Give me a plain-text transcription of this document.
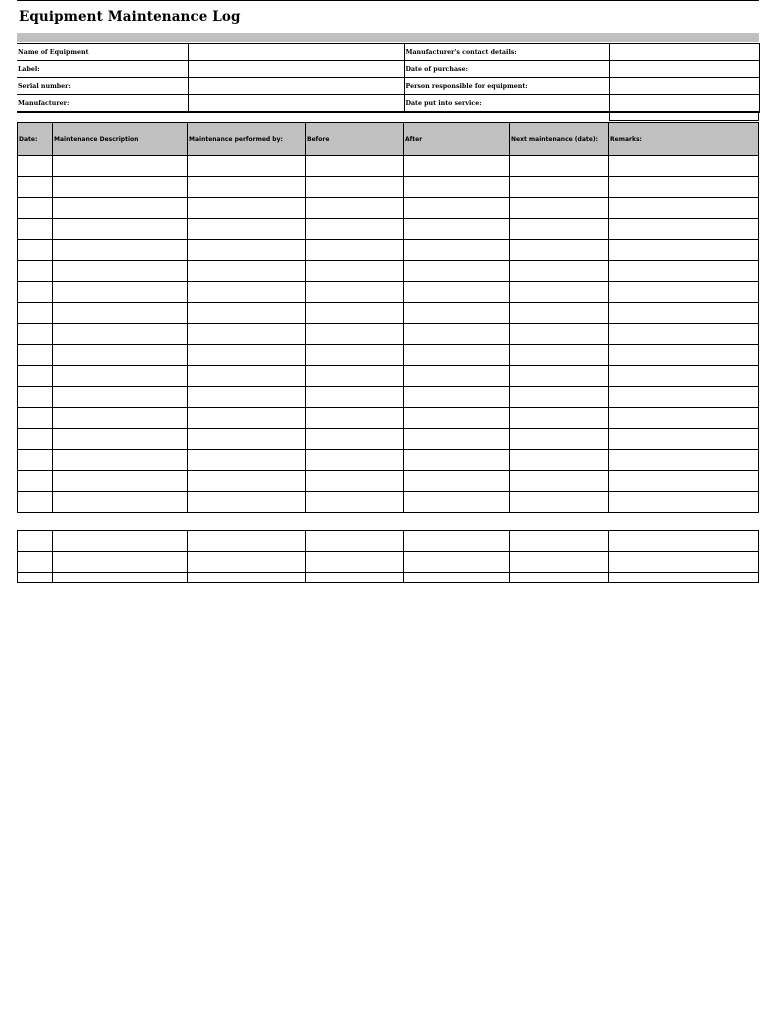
Equipment Maintenance Log
Name of Equipment		Manufacturer's contact details:	
Label:		Date of purchase:	
Serial number:		Person responsible for equipment:	
Manufacturer:		Date put into service:	
Date:	Maintenance Description	Maintenance performed by:	Before	After	Next maintenance (date):	Remarks:
